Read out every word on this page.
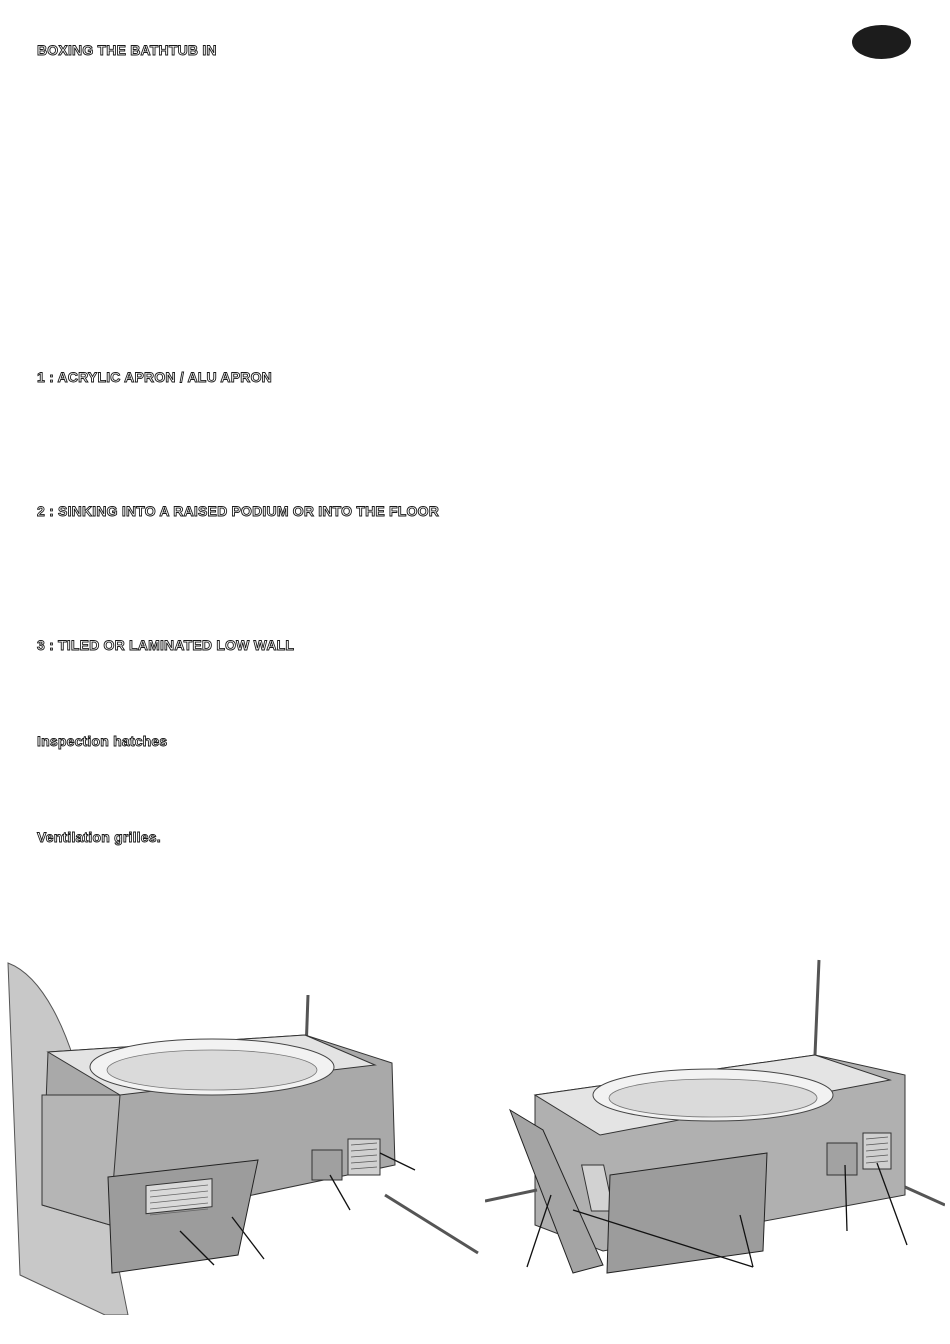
BOXING THE BATHTUB IN
1 : ACRYLIC APRON / ALU APRON
2 : SINKING INTO A RAISED PODIUM OR INTO THE FLOOR
3 : TILED OR LAMINATED LOW WALL
Inspection hatches
Ventilation grilles.
